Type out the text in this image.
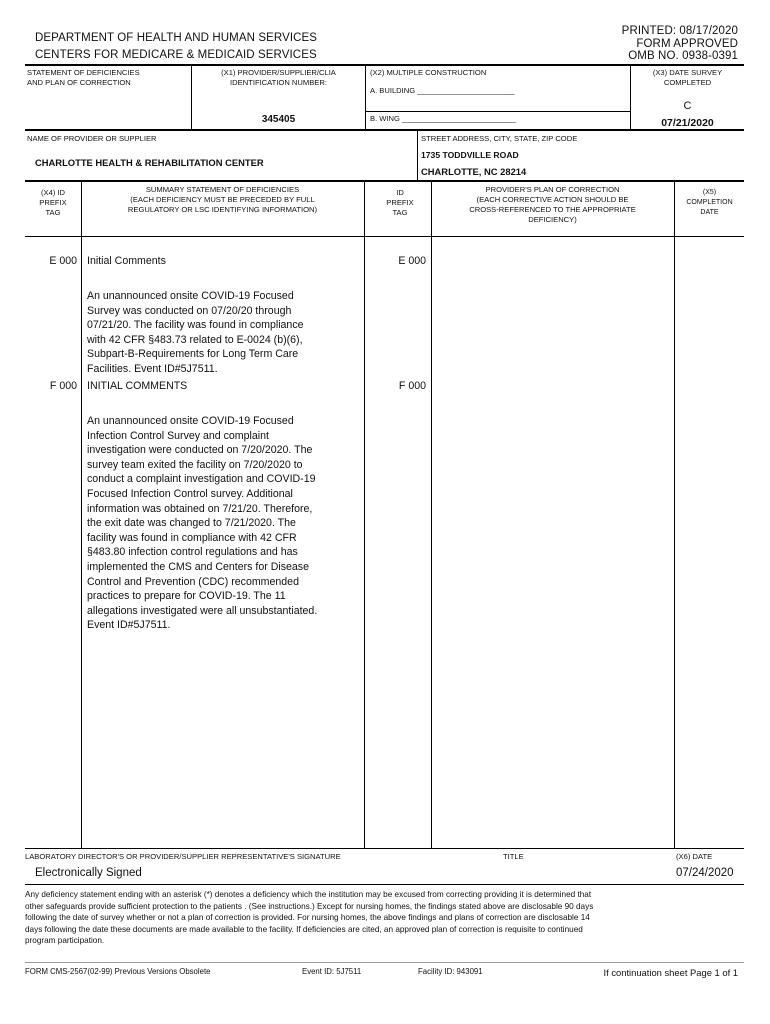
DEPARTMENT OF HEALTH AND HUMAN SERVICES
CENTERS FOR MEDICARE & MEDICAID SERVICES
PRINTED: 08/17/2020
FORM APPROVED
OMB NO. 0938-0391
STATEMENT OF DEFICIENCIES
AND PLAN OF CORRECTION
(X1) PROVIDER/SUPPLIER/CLIA
IDENTIFICATION NUMBER:
345405
(X2) MULTIPLE CONSTRUCTION
A. BUILDING _______________________
B. WING ___________________________
(X3) DATE SURVEY
COMPLETED
C
07/21/2020
NAME OF PROVIDER OR SUPPLIER
CHARLOTTE HEALTH & REHABILITATION CENTER
STREET ADDRESS, CITY, STATE, ZIP CODE
1735 TODDVILLE ROAD
CHARLOTTE, NC 28214
(X4) ID
PREFIX
TAG
SUMMARY STATEMENT OF DEFICIENCIES
(EACH DEFICIENCY MUST BE PRECEDED BY FULL
REGULATORY OR LSC IDENTIFYING INFORMATION)
ID
PREFIX
TAG
PROVIDER'S PLAN OF CORRECTION
(EACH CORRECTIVE ACTION SHOULD BE
CROSS-REFERENCED TO THE APPROPRIATE
DEFICIENCY)
(X5)
COMPLETION
DATE
E 000 Initial Comments	E 000
An unannounced onsite COVID-19 Focused
Survey was conducted on 07/20/20 through
07/21/20. The facility was found in compliance
with 42 CFR §483.73 related to E-0024 (b)(6),
Subpart-B-Requirements for Long Term Care
Facilities. Event ID#5J7511.
F 000 INITIAL COMMENTS	F 000
An unannounced onsite COVID-19 Focused
Infection Control Survey and complaint
investigation were conducted on 7/20/2020. The
survey team exited the facility on 7/20/2020 to
conduct a complaint investigation and COVID-19
Focused Infection Control survey. Additional
information was obtained on 7/21/20. Therefore,
the exit date was changed to 7/21/2020. The
facility was found in compliance with 42 CFR
§483.80 infection control regulations and has
implemented the CMS and Centers for Disease
Control and Prevention (CDC) recommended
practices to prepare for COVID-19. The 11
allegations investigated were all unsubstantiated.
Event ID#5J7511.
LABORATORY DIRECTOR'S OR PROVIDER/SUPPLIER REPRESENTATIVE'S SIGNATURE	TITLE	(X6) DATE
Electronically Signed	07/24/2020
Any deficiency statement ending with an asterisk (*) denotes a deficiency which the institution may be excused from correcting providing it is determined that
other safeguards provide sufficient protection to the patients . (See instructions.) Except for nursing homes, the findings stated above are disclosable 90 days
following the date of survey whether or not a plan of correction is provided. For nursing homes, the above findings and plans of correction are disclosable 14
days following the date these documents are made available to the facility. If deficiencies are cited, an approved plan of correction is requisite to continued
program participation.
FORM CMS-2567(02-99) Previous Versions Obsolete	Event ID: 5J7511	Facility ID: 943091	If continuation sheet Page 1 of 1
